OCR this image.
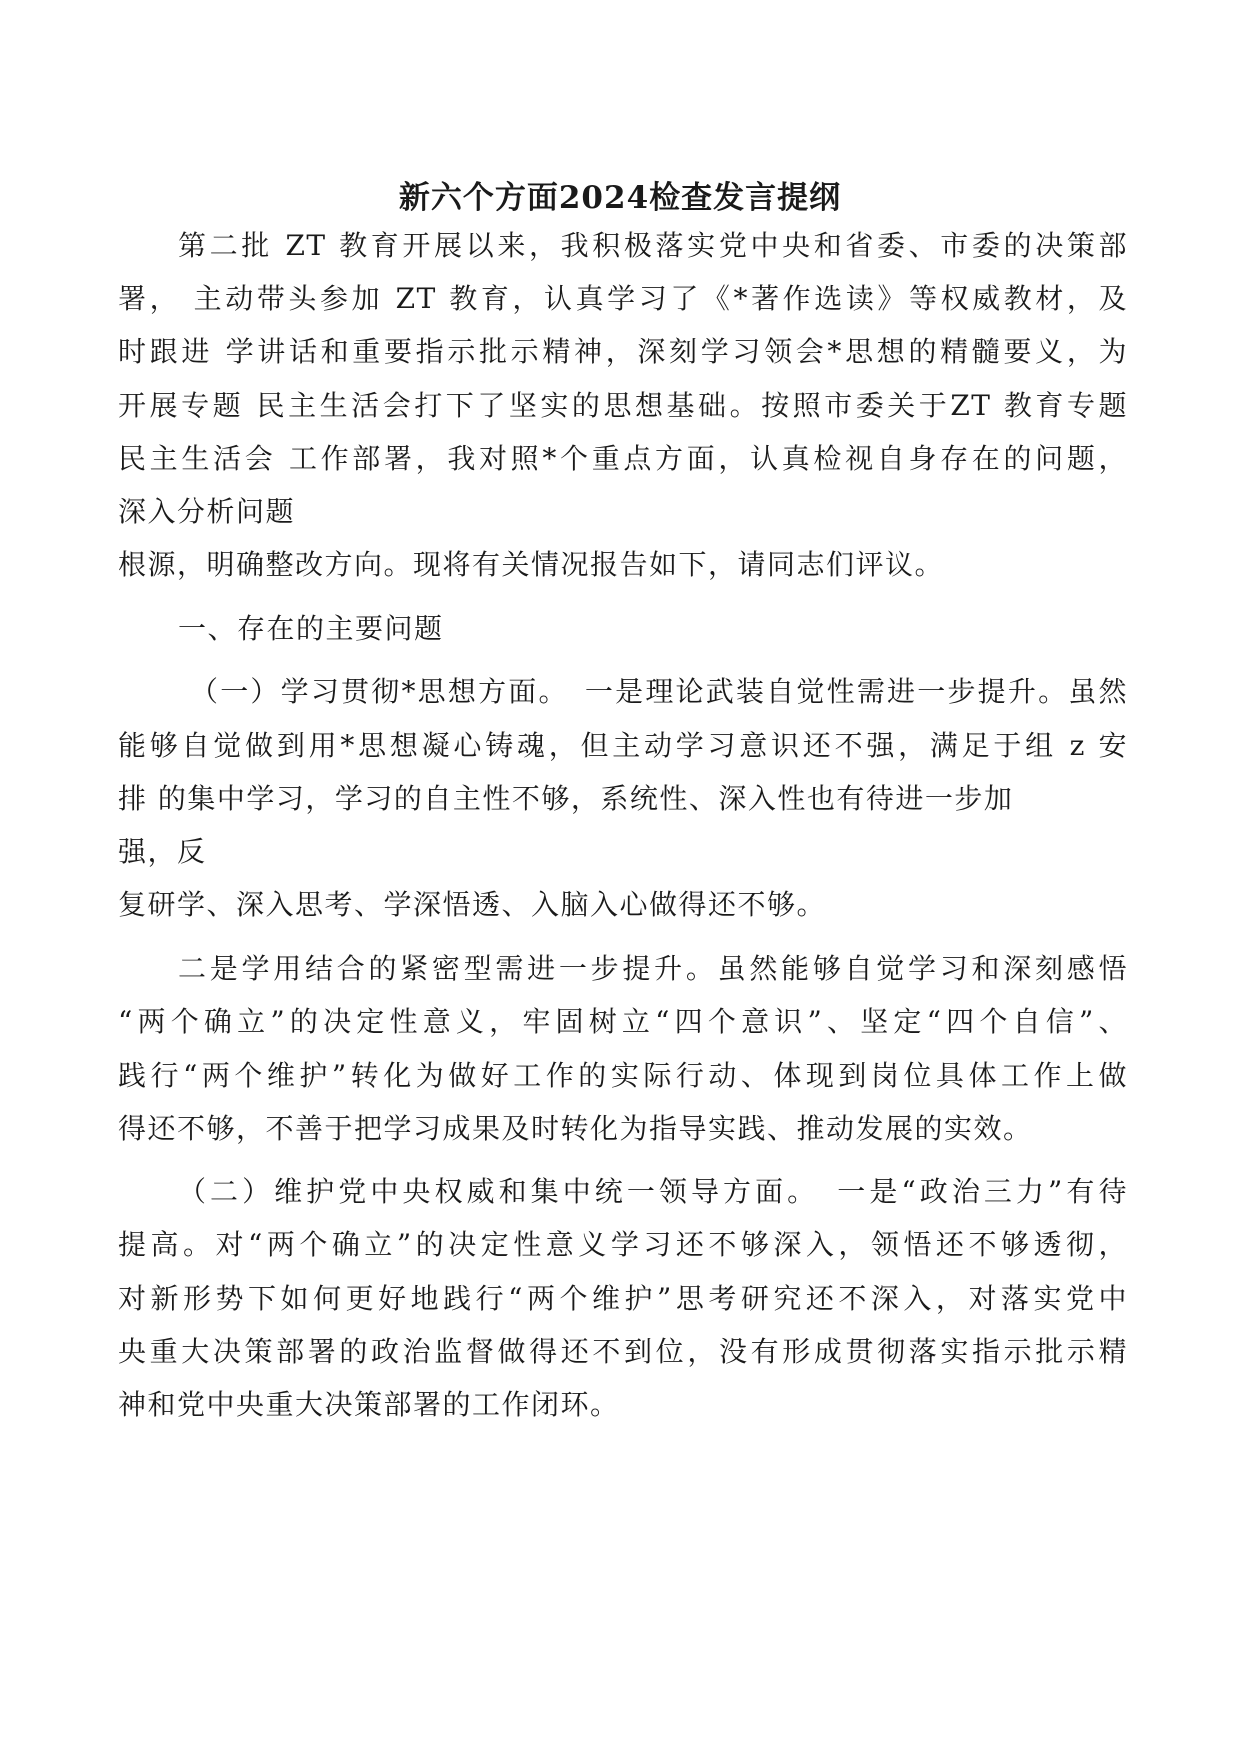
新六个方面2024检查发言提纲
第二批 ZT 教育开展以来，我积极落实党中央和省委、市委的决策部
署， 主动带头参加 ZT 教育，认真学习了《*著作选读》等权威教材，及
时跟进 学讲话和重要指示批示精神，深刻学习领会*思想的精髓要义，为
开展专题 民主生活会打下了坚实的思想基础。按照市委关于ZT 教育专题
民主生活会 工作部署，我对照*个重点方面，认真检视自身存在的问题，
深入分析问题
根源，明确整改方向。现将有关情况报告如下，请同志们评议。
一、存在的主要问题
（一）学习贯彻*思想方面。　一是理论武装自觉性需进一步提升。虽然
能够自觉做到用*思想凝心铸魂，但主动学习意识还不强，满足于组 z 安
排 的集中学习，学习的自主性不够，系统性、深入性也有待进一步加
强，反
复研学、深入思考、学深悟透、入脑入心做得还不够。
二是学用结合的紧密型需进一步提升。虽然能够自觉学习和深刻感悟
“两个确立”的决定性意义，牢固树立“四个意识”、坚定“四个自信”、
践行“两个维护”转化为做好工作的实际行动、体现到岗位具体工作上做
得还不够，不善于把学习成果及时转化为指导实践、推动发展的实效。
（二）维护党中央权威和集中统一领导方面。　一是“政治三力”有待
提高。对“两个确立”的决定性意义学习还不够深入，领悟还不够透彻，
对新形势下如何更好地践行“两个维护”思考研究还不深入，对落实党中
央重大决策部署的政治监督做得还不到位，没有形成贯彻落实指示批示精
神和党中央重大决策部署的工作闭环。
